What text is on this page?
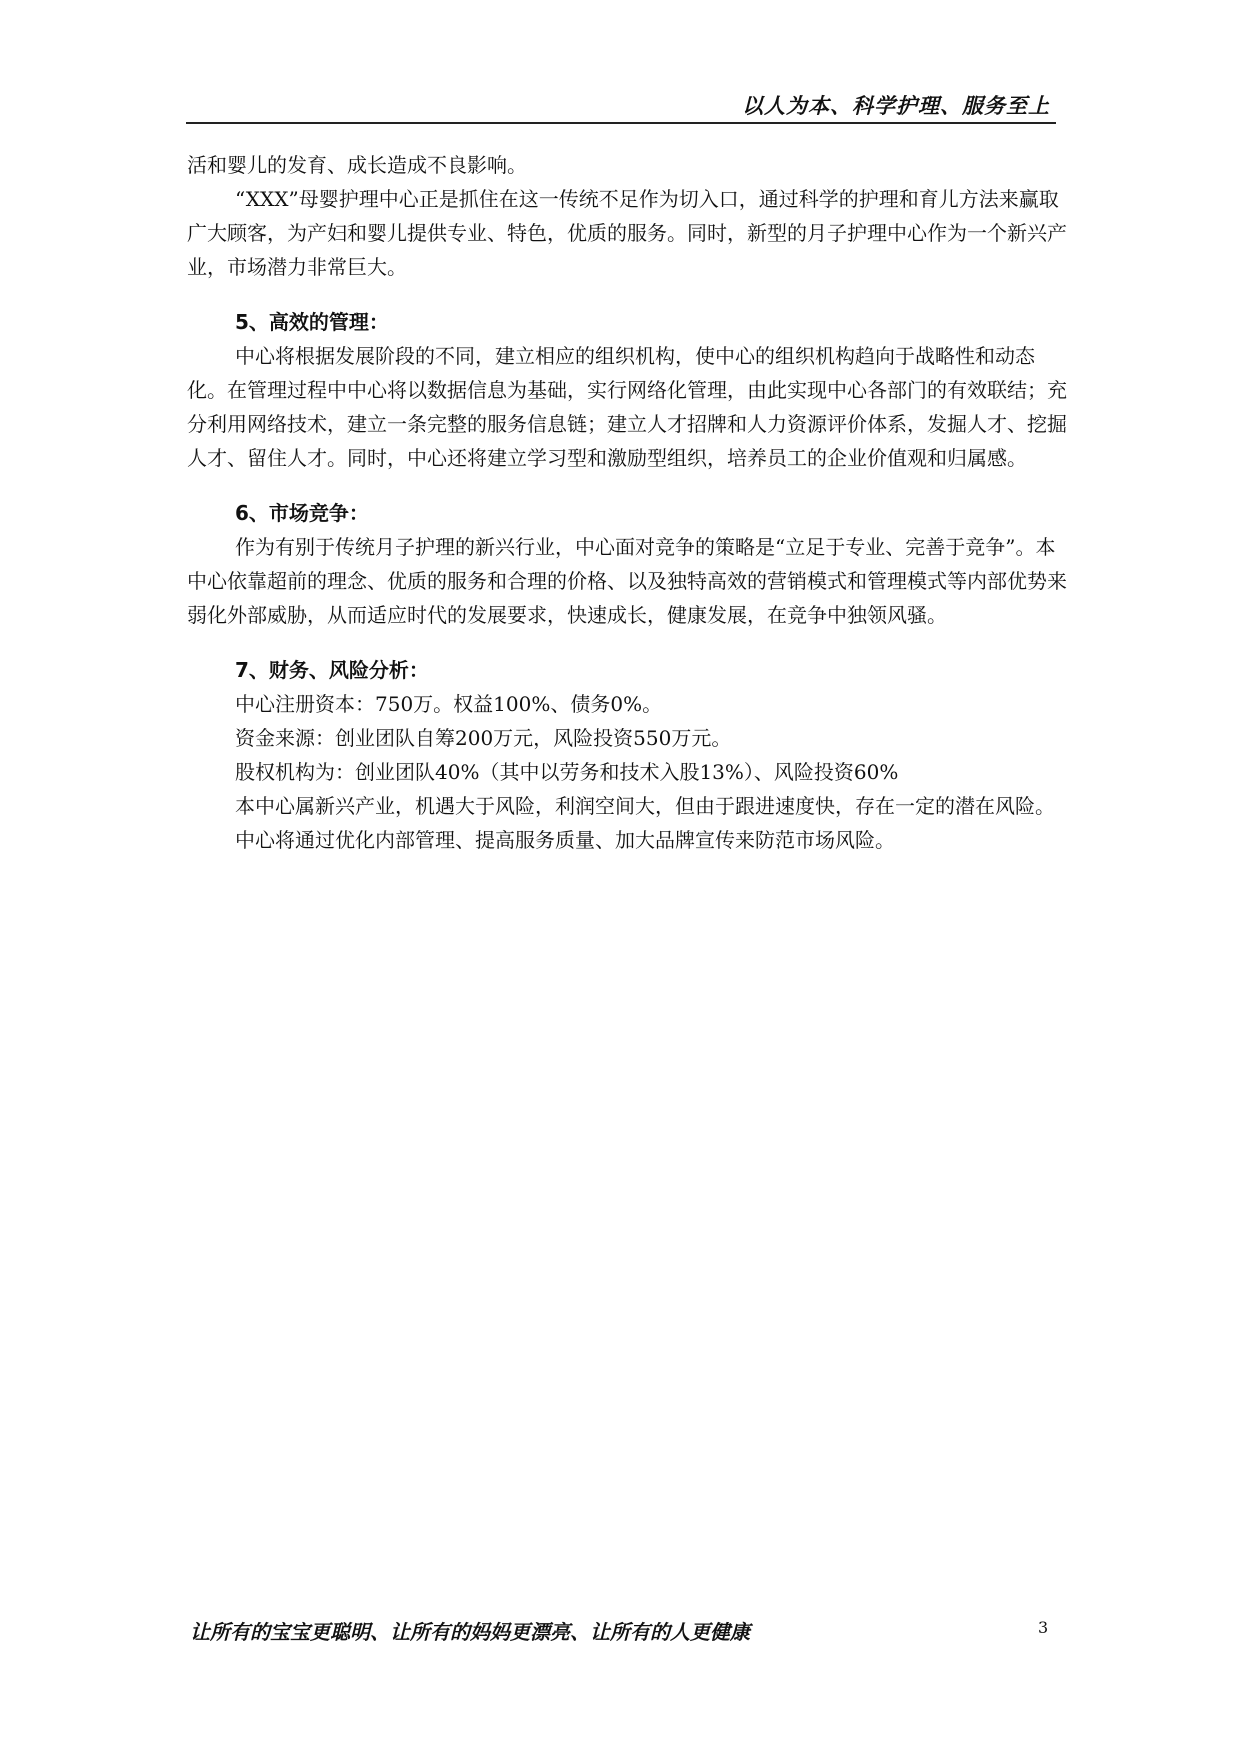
以人为本、科学护理、服务至上

活和婴儿的发育、成长造成不良影响。

“XXX”母婴护理中心正是抓住在这一传统不足作为切入口，通过科学的护理和育儿方法来赢取广大顾客，为产妇和婴儿提供专业、特色，优质的服务。同时，新型的月子护理中心作为一个新兴产业，市场潜力非常巨大。

5、高效的管理：

中心将根据发展阶段的不同，建立相应的组织机构，使中心的组织机构趋向于战略性和动态化。在管理过程中中心将以数据信息为基础，实行网络化管理，由此实现中心各部门的有效联结；充分利用网络技术，建立一条完整的服务信息链；建立人才招牌和人力资源评价体系，发掘人才、挖掘人才、留住人才。同时，中心还将建立学习型和激励型组织，培养员工的企业价值观和归属感。

6、市场竞争：

作为有别于传统月子护理的新兴行业，中心面对竞争的策略是“立足于专业、完善于竞争”。本中心依靠超前的理念、优质的服务和合理的价格、以及独特高效的营销模式和管理模式等内部优势来弱化外部威胁，从而适应时代的发展要求，快速成长，健康发展，在竞争中独领风骚。

7、财务、风险分析：

中心注册资本：750万。权益100%、债务0%。

资金来源：创业团队自筹200万元，风险投资550万元。

股权机构为：创业团队40%（其中以劳务和技术入股13%）、风险投资60%

本中心属新兴产业，机遇大于风险，利润空间大，但由于跟进速度快，存在一定的潜在风险。中心将通过优化内部管理、提高服务质量、加大品牌宣传来防范市场风险。

让所有的宝宝更聪明、让所有的妈妈更漂亮、让所有的人更健康	3
